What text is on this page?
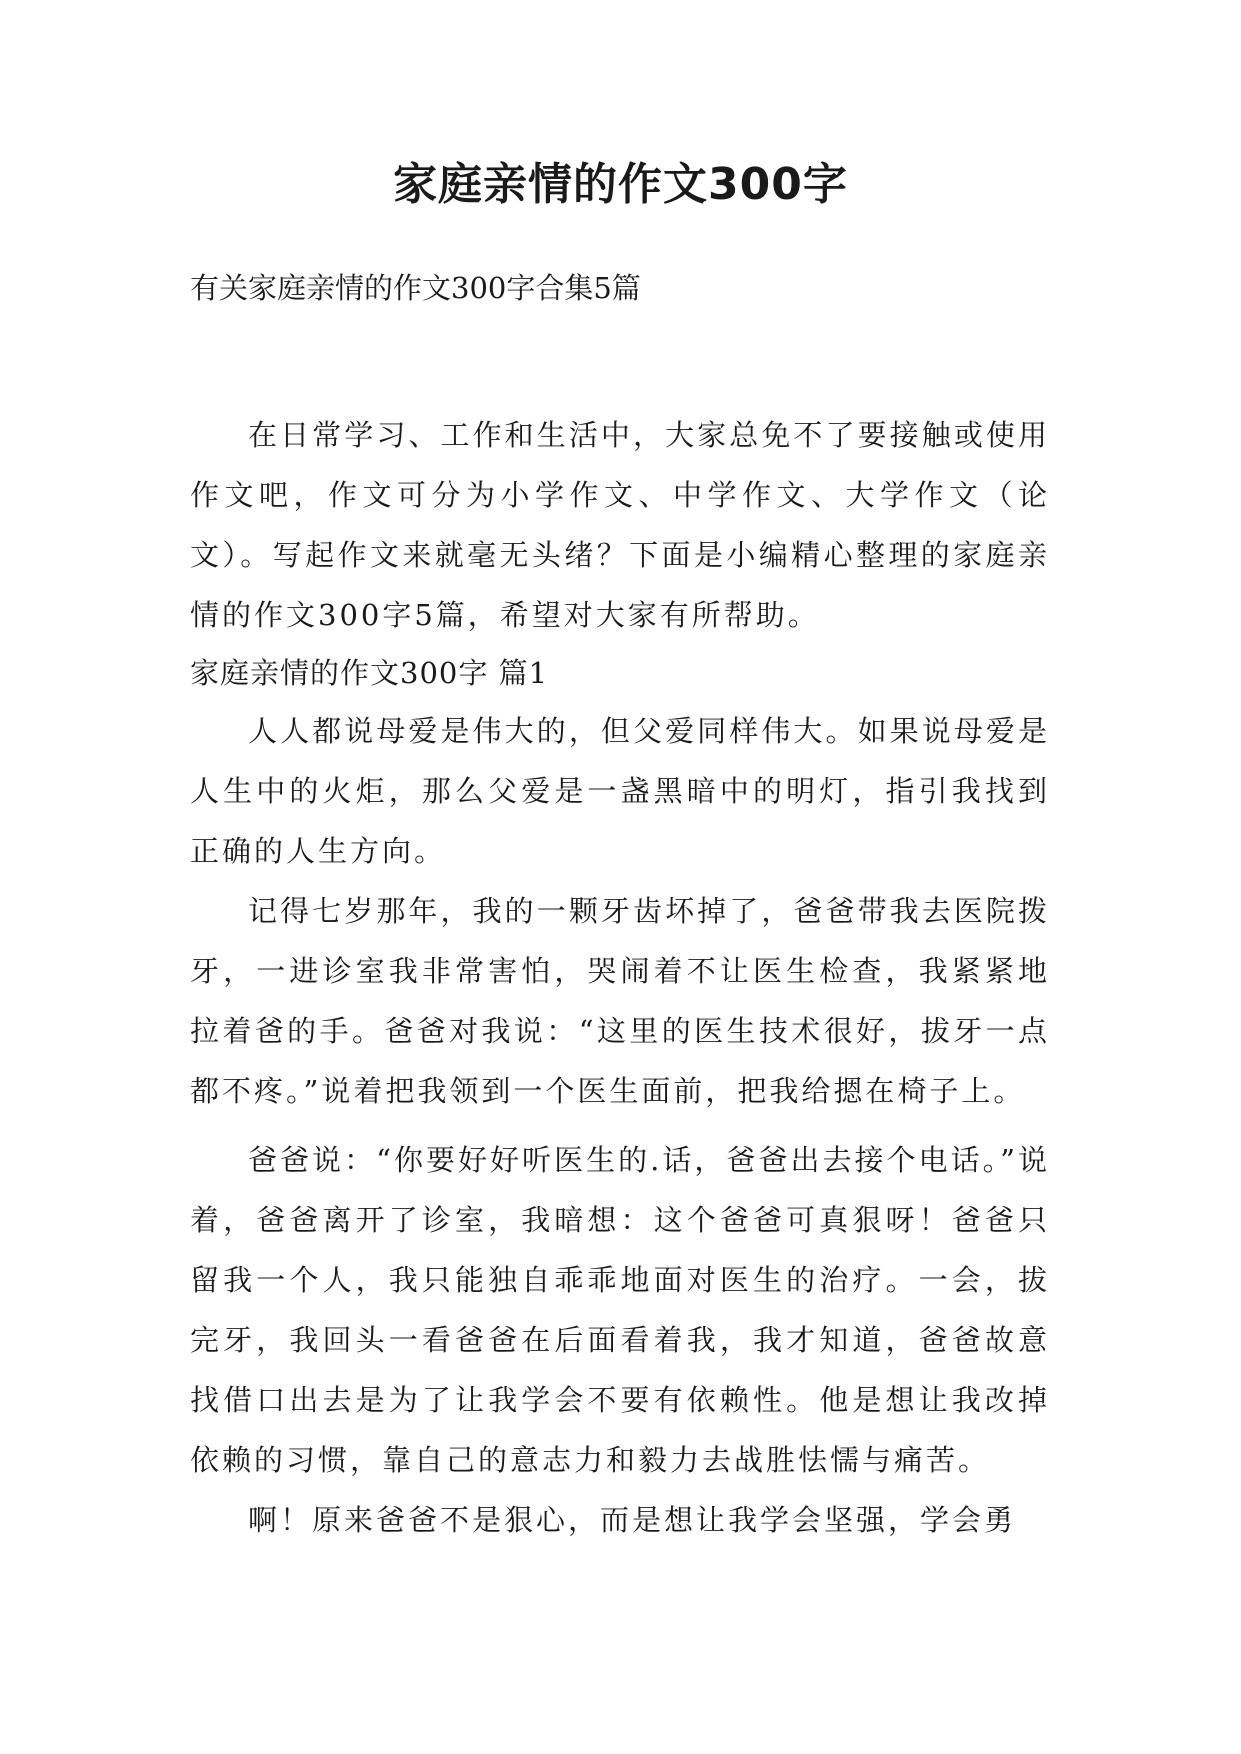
家庭亲情的作文300字

有关家庭亲情的作文300字合集5篇

在日常学习、工作和生活中，大家总免不了要接触或使用作文吧，作文可分为小学作文、中学作文、大学作文（论文）。写起作文来就毫无头绪？下面是小编精心整理的家庭亲情的作文300字5篇，希望对大家有所帮助。

家庭亲情的作文300字 篇1

人人都说母爱是伟大的，但父爱同样伟大。如果说母爱是人生中的火炬，那么父爱是一盏黑暗中的明灯，指引我找到正确的人生方向。

记得七岁那年，我的一颗牙齿坏掉了，爸爸带我去医院拨牙，一进诊室我非常害怕，哭闹着不让医生检查，我紧紧地拉着爸的手。爸爸对我说：“这里的医生技术很好，拔牙一点都不疼。”说着把我领到一个医生面前，把我给摁在椅子上。

爸爸说：“你要好好听医生的.话，爸爸出去接个电话。”说着，爸爸离开了诊室，我暗想：这个爸爸可真狠呀！爸爸只留我一个人，我只能独自乖乖地面对医生的治疗。一会，拔完牙，我回头一看爸爸在后面看着我，我才知道，爸爸故意找借口出去是为了让我学会不要有依赖性。他是想让我改掉依赖的习惯，靠自己的意志力和毅力去战胜怯懦与痛苦。

啊！原来爸爸不是狠心，而是想让我学会坚强，学会勇
